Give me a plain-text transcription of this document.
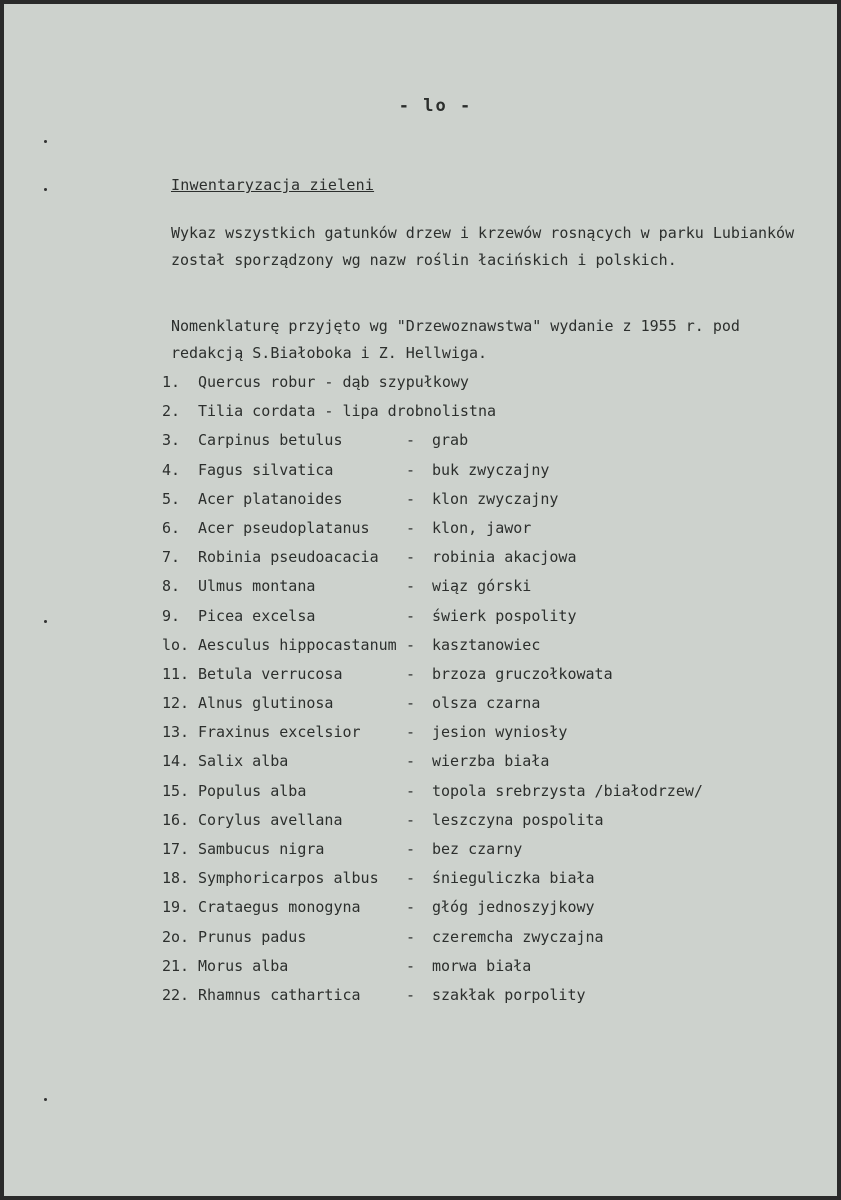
- lo -
Inwentaryzacja zieleni
Wykaz wszystkich gatunków drzew i krzewów rosnących w parku Lubianków został sporządzony wg nazw roślin łacińskich i polskich.
Nomenklaturę przyjęto wg "Drzewoznawstwa" wydanie z 1955 r. pod redakcją S.Białoboka i Z. Hellwiga.
1.	Quercus robur - dąb szypułkowy
2.	Tilia cordata - lipa drobnolistna
3.	Carpinus betulus	- grab
4.	Fagus silvatica	- buk zwyczajny
5.	Acer platanoides	- klon zwyczajny
6.	Acer pseudoplatanus - klon, jawor
7.	Robinia pseudoacacia - robinia akacjowa
8.	Ulmus montana	- wiąz górski
9.	Picea excelsa	- świerk pospolity
lo. Aesculus hippocastanum - kasztanowiec
11. Betula verrucosa	- brzoza gruczołkowata
12. Alnus glutinosa	- olsza czarna
13. Fraxinus excelsior	- jesion wyniosły
14. Salix alba	- wierzba biała
15. Populus alba	- topola srebrzysta /białodrzew/
16. Corylus avellana	- leszczyna pospolita
17. Sambucus nigra	- bez czarny
18. Symphoricarpos albus - śnieguliczka biała
19. Crataegus monogyna	- głóg jednoszyjkowy
2o. Prunus padus	- czeremcha zwyczajna
21. Morus alba	- morwa biała
22. Rhamnus cathartica	- szakłak porpolity
